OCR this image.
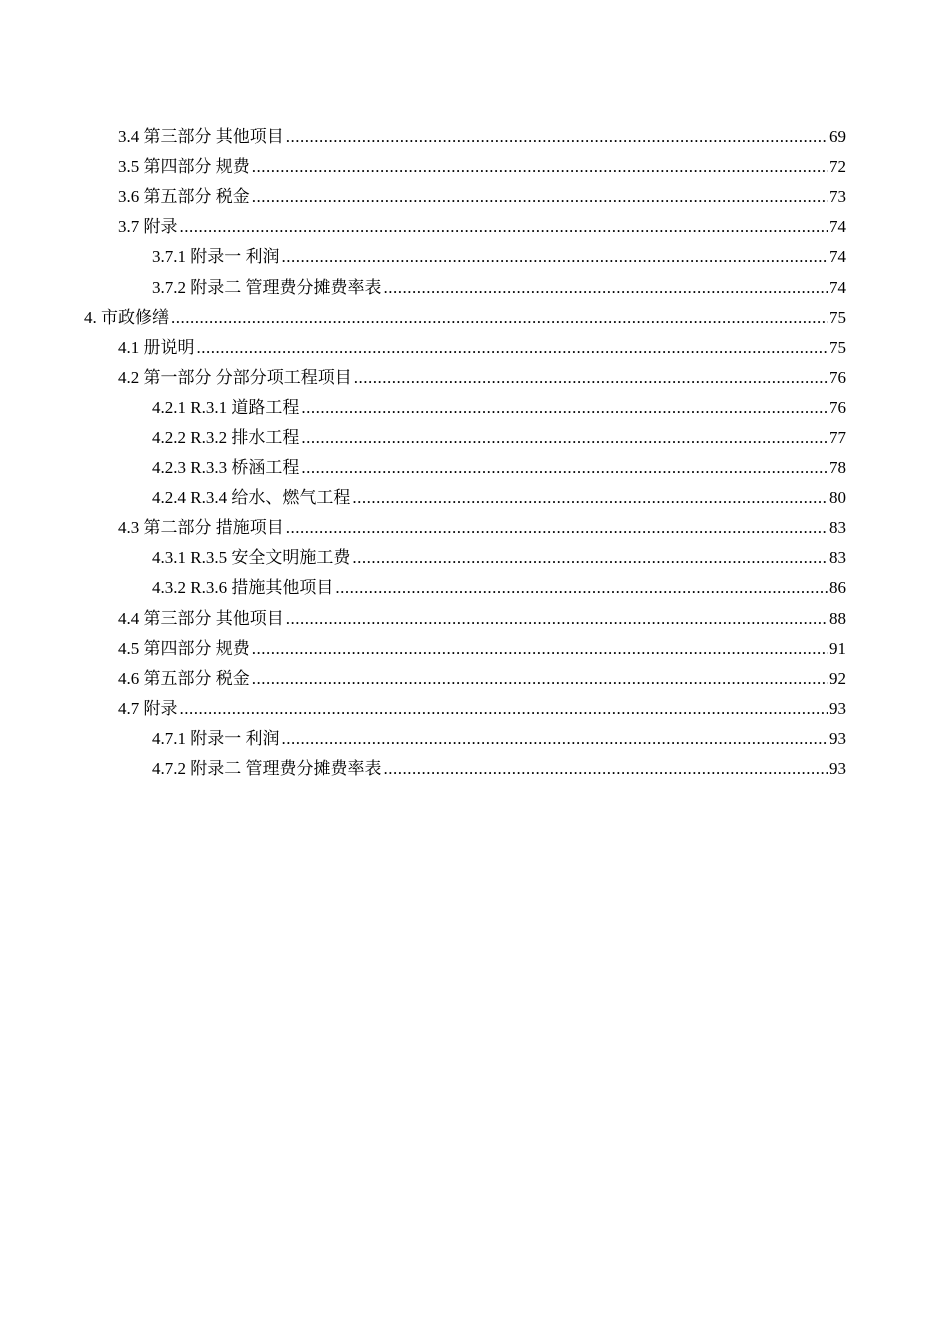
3.4 第三部分 其他项目 .....	69
3.5 第四部分 规费 .....	72
3.6 第五部分 税金 .....	73
3.7 附录 .....	74
3.7.1 附录一 利润 .....	74
3.7.2 附录二 管理费分摊费率表 .....	74
4. 市政修缮 .....	75
4.1 册说明 .....	75
4.2 第一部分 分部分项工程项目 .....	76
4.2.1 R.3.1 道路工程 .....	76
4.2.2 R.3.2 排水工程 .....	77
4.2.3 R.3.3 桥涵工程 .....	78
4.2.4 R.3.4 给水、燃气工程 .....	80
4.3 第二部分 措施项目 .....	83
4.3.1 R.3.5 安全文明施工费 .....	83
4.3.2 R.3.6 措施其他项目 .....	86
4.4 第三部分 其他项目 .....	88
4.5 第四部分 规费 .....	91
4.6 第五部分 税金 .....	92
4.7 附录 .....	93
4.7.1 附录一 利润 .....	93
4.7.2 附录二 管理费分摊费率表 .....	93
